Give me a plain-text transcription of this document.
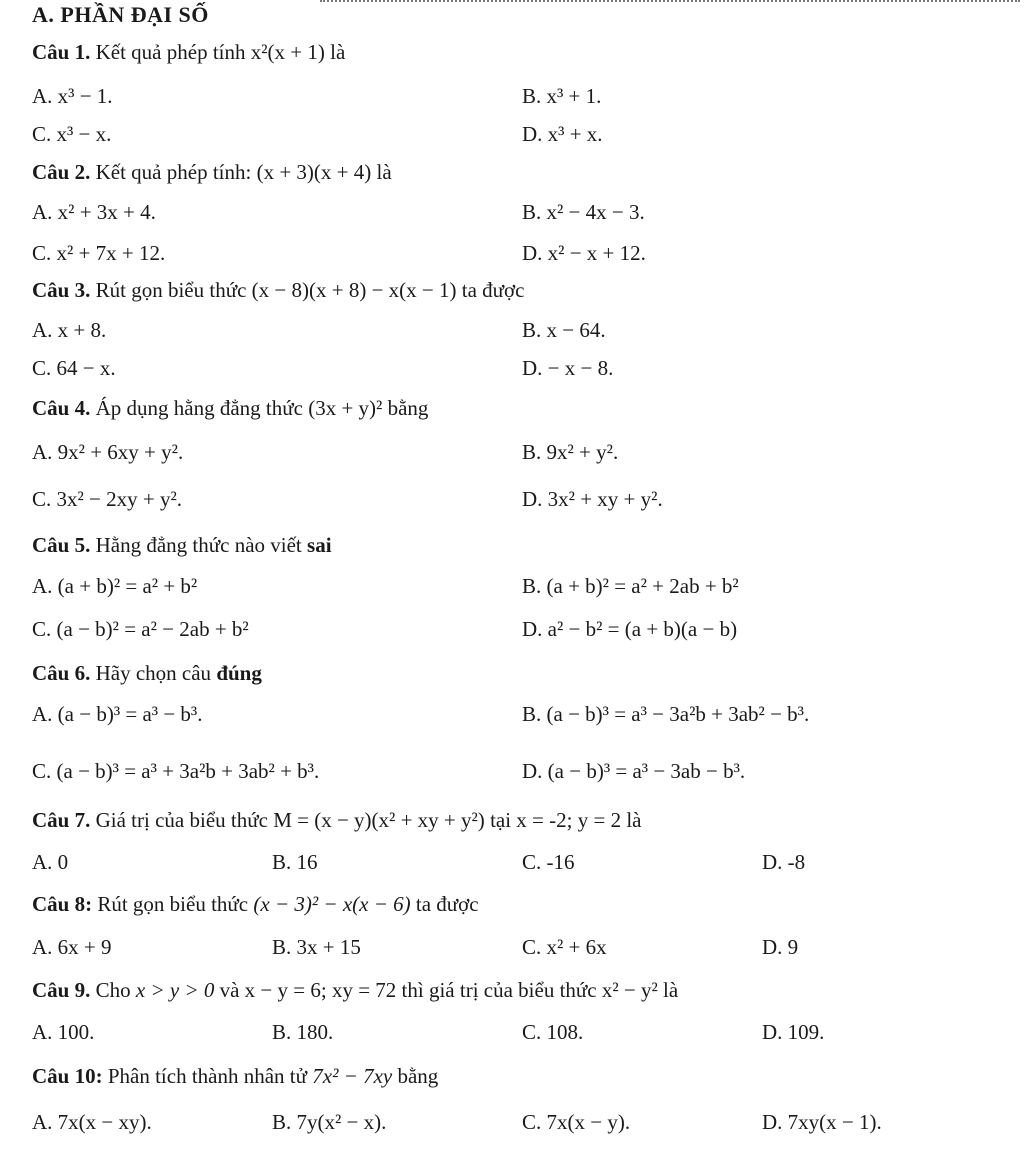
A. PHẦN ĐẠI SỐ
Câu 1. Kết quả phép tính x²(x + 1) là
A. x³ − 1.	B. x³ + 1.
C. x³ − x.	D. x³ + x.
Câu 2. Kết quả phép tính: (x + 3)(x + 4) là
A. x² + 3x + 4.	B. x² − 4x − 3.
C. x² + 7x + 12.	D. x² − x + 12.
Câu 3. Rút gọn biểu thức (x − 8)(x + 8) − x(x − 1) ta được
A. x + 8.	B. x − 64.
C. 64 − x.	D. − x − 8.
Câu 4. Áp dụng hằng đẳng thức (3x + y)² bằng
A. 9x² + 6xy + y².	B. 9x² + y².
C. 3x² − 2xy + y².	D. 3x² + xy + y².
Câu 5. Hằng đẳng thức nào viết sai
A. (a + b)² = a² + b²	B. (a + b)² = a² + 2ab + b²
C. (a − b)² = a² − 2ab + b²	D. a² − b² = (a + b)(a − b)
Câu 6. Hãy chọn câu đúng
A. (a − b)³ = a³ − b³.	B. (a − b)³ = a³ − 3a²b + 3ab² − b³.
C. (a − b)³ = a³ + 3a²b + 3ab² + b³.	D. (a − b)³ = a³ − 3ab − b³.
Câu 7. Giá trị của biểu thức M = (x − y)(x² + xy + y²) tại x = -2; y = 2 là
A. 0	B. 16	C. -16	D. -8
Câu 8: Rút gọn biểu thức (x − 3)² − x(x − 6) ta được
A. 6x + 9	B. 3x + 15	C. x² + 6x	D. 9
Câu 9. Cho x > y > 0 và x − y = 6; xy = 72 thì giá trị của biểu thức x² − y² là
A. 100.	B. 180.	C. 108.	D. 109.
Câu 10: Phân tích thành nhân tử 7x² − 7xy bằng
A. 7x(x − xy).	B. 7y(x² − x).	C. 7x(x − y).	D. 7xy(x − 1).
